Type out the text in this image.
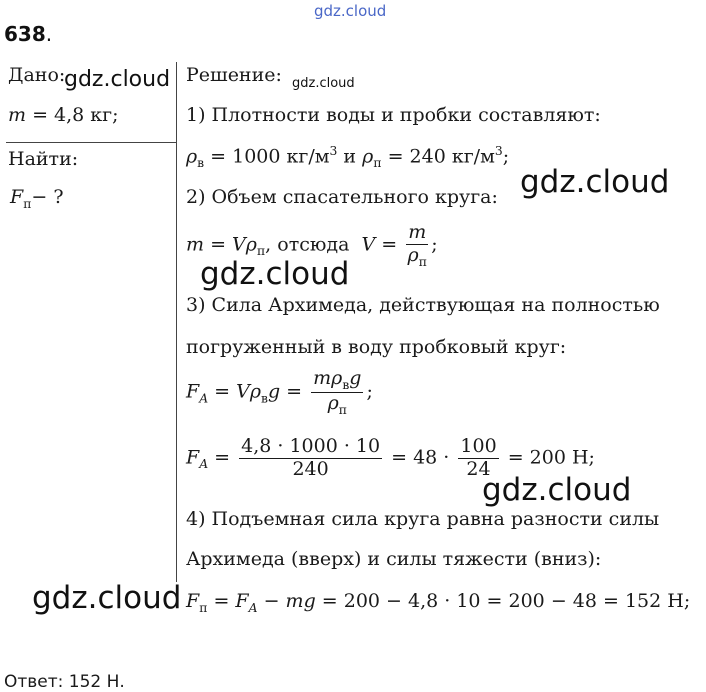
gdz.cloud
638.
Дано:
gdz.cloud
m = 4,8 кг;
Найти:
$F_п-$ ?
Решение: gdz.cloud
1) Плотности воды и пробки составляют:
$\rho_в = 1000$ $кг/м^3$ и $\rho_п = 240$ $кг/м^3$;
2) Объем спасательного круга: gdz.cloud
$m = V\rho_п$, отсюда  $V = \frac{m}{\rho_п}$ ;
gdz.cloud
3) Сила Архимеда, действующая на полностью
погруженный в воду пробковый круг:
$F_A = V\rho_вg = \frac{m\rho_вg}{\rho_п}$ ;
$F_A = \frac{4,8 \cdot 1000 \cdot 10}{240} = 48 \cdot \frac{100}{24} = 200$ Н;
gdz.cloud
4) Подъемная сила круга равна разности силы
Архимеда (вверх) и силы тяжести (вниз):
gdz.cloud $F_п = F_A$ − mg = 200 − 4,8 · 10 = 200 − 48 = 152 Н;
Ответ: 152 Н.
